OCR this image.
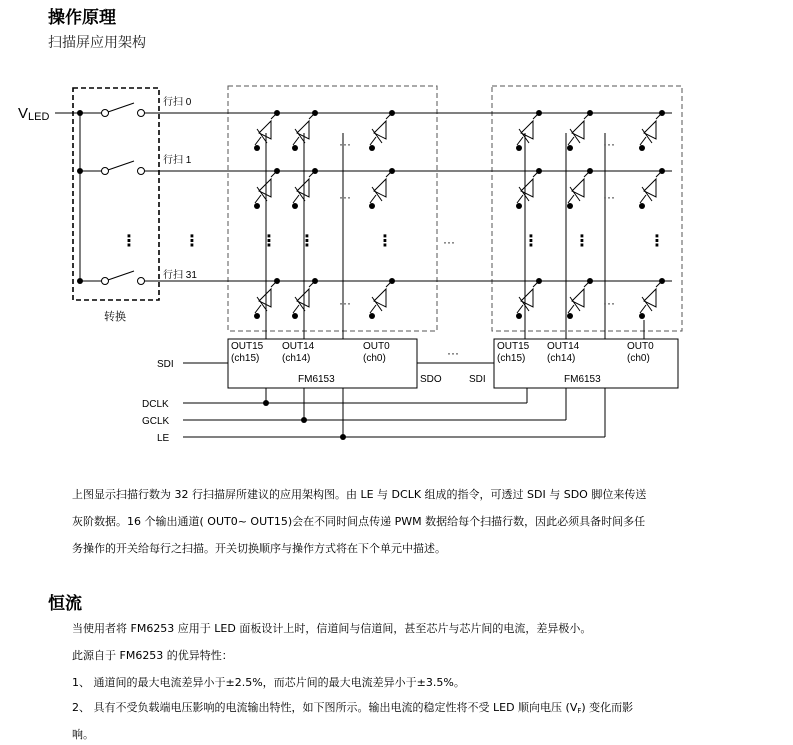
操作原理
扫描屏应用架构
VLED
行扫 0
行扫 1
行扫 31
转换
⋮	⋮	⋮ ⋮	⋮	⋮ ⋮	⋮
···
···
···
···
···
···
···
···
OUT15
(ch15)
OUT14
(ch14)
OUT0
(ch0)
FM6153
OUT15
(ch15)
OUT14
(ch14)
OUT0
(ch0)
FM6153
SDI
SDO	SDI
DCLK
GCLK
LE
上图显示扫描行数为 32 行扫描屏所建议的应用架构图。由 LE 与 DCLK 组成的指令，可透过 SDI 与 SDO 脚位来传送
灰阶数据。16 个输出通道( OUT0~ OUT15)会在不同时间点传递 PWM 数据给每个扫描行数，因此必须具备时间多任
务操作的开关给每行之扫描。开关切换顺序与操作方式将在下个单元中描述。
恒流
当使用者将 FM6253 应用于 LED 面板设计上时，信道间与信道间，甚至芯片与芯片间的电流，差异极小。
此源自于 FM6253 的优异特性：
1、 通道间的最大电流差异小于±2.5%，而芯片间的最大电流差异小于±3.5%。
2、 具有不受负载端电压影响的电流输出特性，如下图所示。输出电流的稳定性将不受 LED 顺向电压 (VF) 变化而影
响。
